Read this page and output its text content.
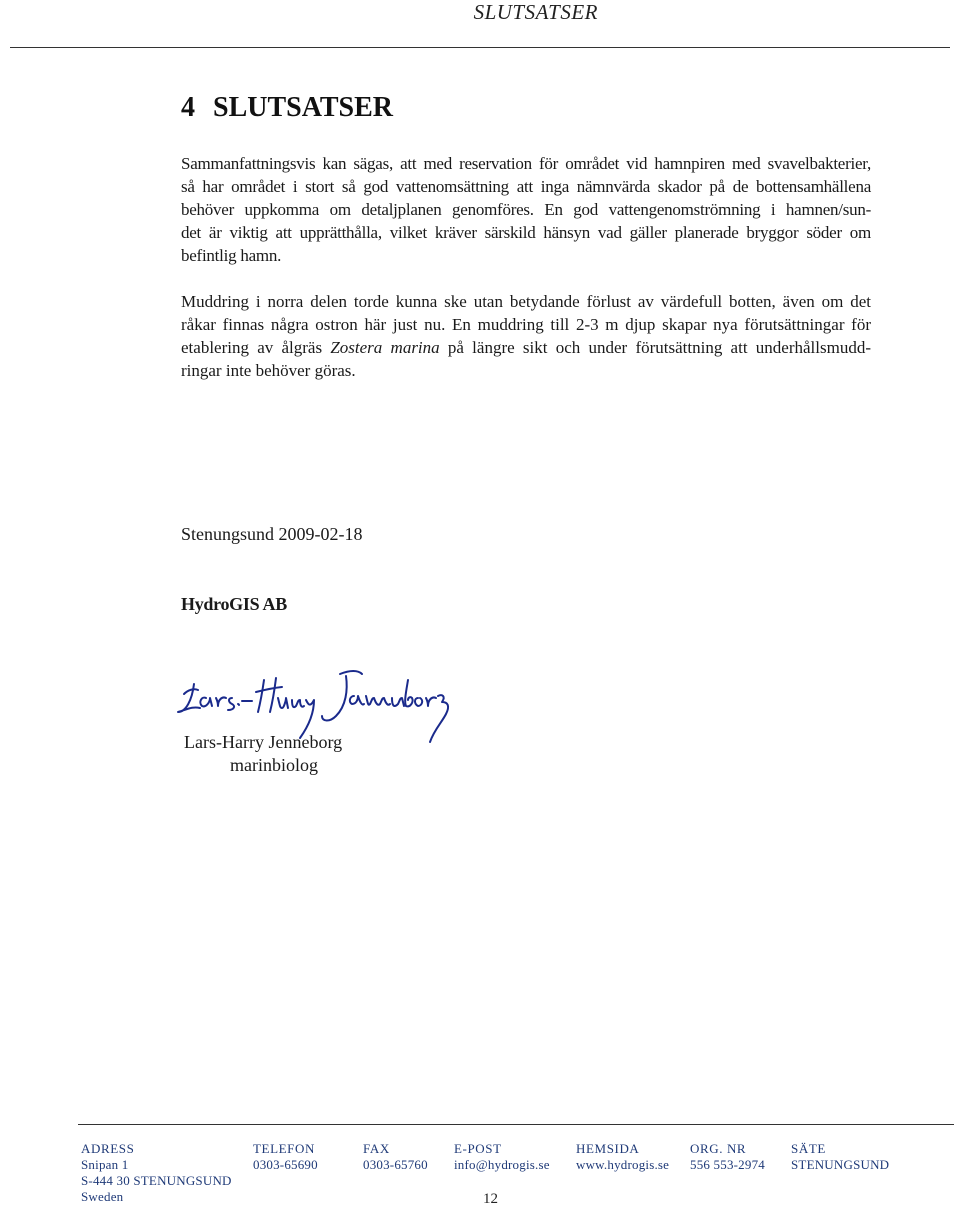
SLUTSATSER
4 SLUTSATSER

Sammanfattningsvis kan sägas, att med reservation för området vid hamnpiren med svavelbakterier,
så har området i stort så god vattenomsättning att inga nämnvärda skador på de bottensamhällena
behöver uppkomma om detaljplanen genomföres. En god vattengenomströmning i hamnen/sun-
det är viktig att upprätthålla, vilket kräver särskild hänsyn vad gäller planerade bryggor söder om
befintlig hamn.

Muddring i norra delen torde kunna ske utan betydande förlust av värdefull botten, även om det
råkar finnas några ostron här just nu. En muddring till 2-3 m djup skapar nya förutsättningar för
etablering av ålgräs Zostera marina på längre sikt och under förutsättning att underhållsmudd-
ringar inte behöver göras.

Stenungsund 2009-02-18
HydroGIS AB
Lars-Harry Jenneborg
marinbiolog
ADRESS
Snipan 1
S-444 30 STENUNGSUND
Sweden
TELEFON
0303-65690
FAX
0303-65760
E-POST
info@hydrogis.se
HEMSIDA
www.hydrogis.se
ORG. NR
556 553-2974
SÄTE
STENUNGSUND
12
